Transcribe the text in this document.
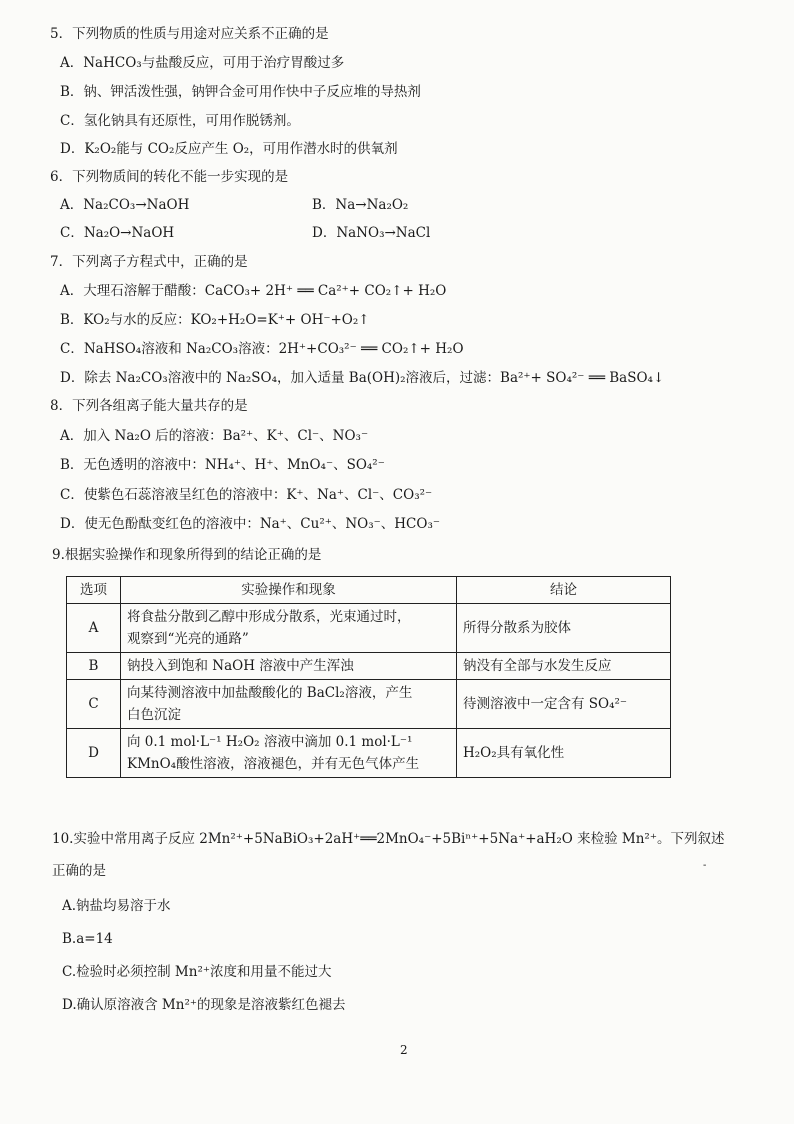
5．下列物质的性质与用途对应关系不正确的是
A．NaHCO₃与盐酸反应，可用于治疗胃酸过多
B．钠、钾活泼性强，钠钾合金可用作快中子反应堆的导热剂
C．氢化钠具有还原性，可用作脱锈剂。
D．K₂O₂能与 CO₂反应产生 O₂，可用作潜水时的供氧剂
6．下列物质间的转化不能一步实现的是
A．Na₂CO₃→NaOH	B．Na→Na₂O₂
C．Na₂O→NaOH	D．NaNO₃→NaCl
7．下列离子方程式中，正确的是
A．大理石溶解于醋酸：CaCO₃+ 2H⁺ ══ Ca²⁺+ CO₂↑+ H₂O
B．KO₂与水的反应：KO₂+H₂O=K⁺+ OH⁻+O₂↑
C．NaHSO₄溶液和 Na₂CO₃溶液：2H⁺+CO₃²⁻ ══ CO₂↑+ H₂O
D．除去 Na₂CO₃溶液中的 Na₂SO₄，加入适量 Ba(OH)₂溶液后，过滤：Ba²⁺+ SO₄²⁻ ══ BaSO₄↓
8．下列各组离子能大量共存的是
A．加入 Na₂O 后的溶液：Ba²⁺、K⁺、Cl⁻、NO₃⁻
B．无色透明的溶液中：NH₄⁺、H⁺、MnO₄⁻、SO₄²⁻
C．使紫色石蕊溶液呈红色的溶液中：K⁺、Na⁺、Cl⁻、CO₃²⁻
D．使无色酚酞变红色的溶液中：Na⁺、Cu²⁺、NO₃⁻、HCO₃⁻
9.根据实验操作和现象所得到的结论正确的是
选项	实验操作和现象	结论
A	将食盐分散到乙醇中形成分散系，光束通过时，
观察到“光亮的通路”	所得分散系为胶体
B	钠投入到饱和 NaOH 溶液中产生浑浊	钠没有全部与水发生反应
C	向某待测溶液中加盐酸酸化的 BaCl₂溶液，产生
白色沉淀	待测溶液中一定含有 SO₄²⁻
D	向 0.1 mol·L⁻¹ H₂O₂ 溶液中滴加 0.1 mol·L⁻¹
KMnO₄酸性溶液，溶液褪色，并有无色气体产生	H₂O₂具有氧化性
10.实验中常用离子反应 2Mn²⁺+5NaBiO₃+2aH⁺══2MnO₄⁻+5Biⁿ⁺+5Na⁺+aH₂O 来检验 Mn²⁺。下列叙述
-
正确的是
A.钠盐均易溶于水
B.a=14
C.检验时必须控制 Mn²⁺浓度和用量不能过大
D.确认原溶液含 Mn²⁺的现象是溶液紫红色褪去
2
